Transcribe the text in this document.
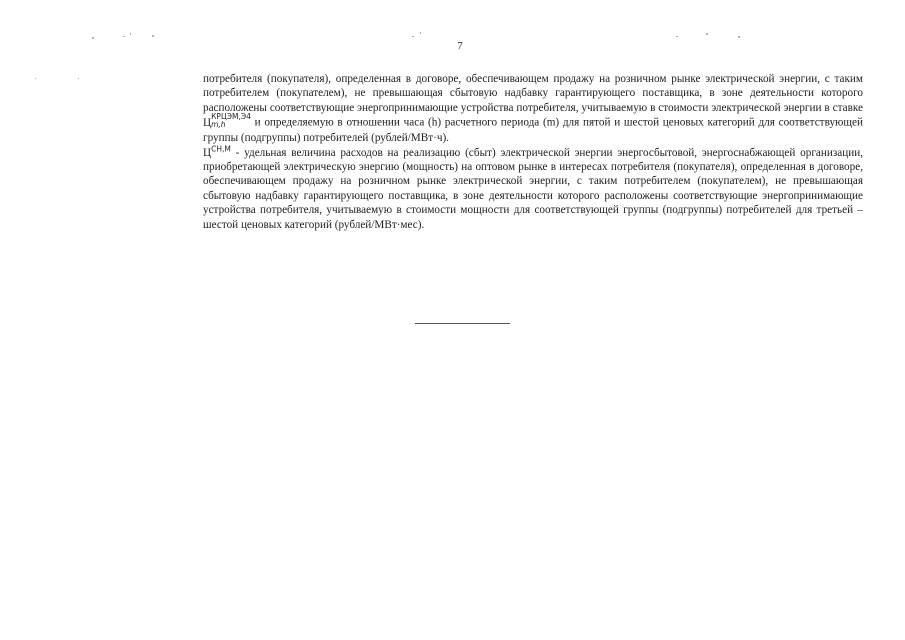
7

потребителя (покупателя), определенная в договоре, обеспечивающем продажу на розничном рынке электрической энергии, с таким потребителем (покупателем), не превышающая сбытовую надбавку гарантирующего поставщика, в зоне деятельности которого расположены соответствующие энергопринимающие устройства потребителя, учитываемую в стоимости электрической энергии в ставке Ц
КРЦЭМ,Э4
m,h	и определяемую в отношении часа (h) расчетного периода (m) для пятой и шестой ценовых категорий для соответствующей группы (подгруппы) потребителей (рублей/МВт·ч).

$Ц^{СН,М}$ - удельная величина расходов на реализацию (сбыт) электрической энергии энергосбытовой, энергоснабжающей организации, приобретающей электрическую энергию (мощность) на оптовом рынке в интересах потребителя (покупателя), определенная в договоре, обеспечивающем продажу на розничном рынке электрической энергии, с таким потребителем (покупателем), не превышающая сбытовую надбавку гарантирующего поставщика, в зоне деятельности которого расположены соответствующие энергопринимающие устройства потребителя, учитываемую в стоимости мощности для соответствующей группы (подгруппы) потребителей для третьей – шестой ценовых категорий (рублей/МВт·мес).
